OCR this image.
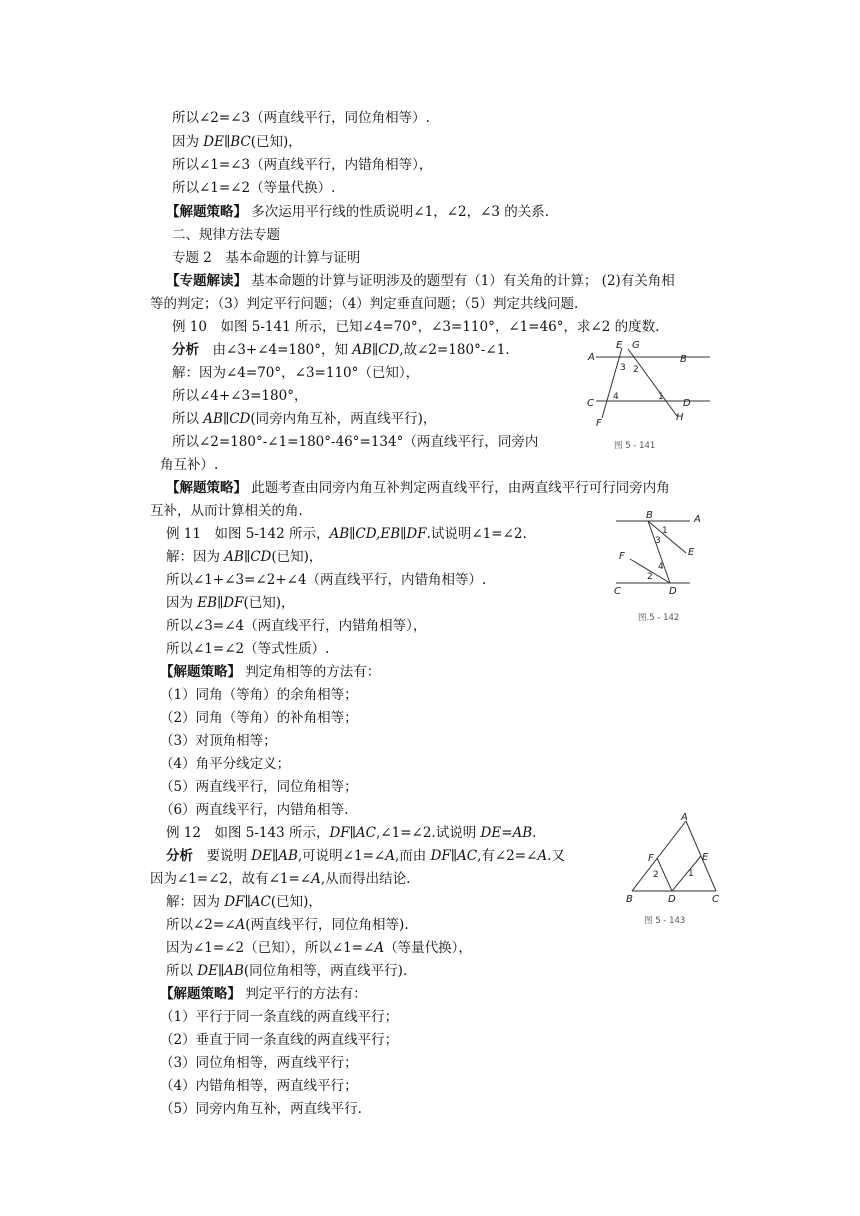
所以∠2=∠3（两直线平行，同位角相等）.
因为 DE∥BC(已知)，
所以∠1=∠3（两直线平行，内错角相等），
所以∠1=∠2（等量代换）.
【解题策略】 多次运用平行线的性质说明∠1，∠2，∠3 的关系.
二、规律方法专题
专题 2　基本命题的计算与证明
【专题解读】 基本命题的计算与证明涉及的题型有（1）有关角的计算； (2)有关角相
等的判定；（3）判定平行问题；（4）判定垂直问题；（5）判定共线问题.
例 10　如图 5-141 所示，已知∠4=70°，∠3=110°，∠1=46°，求∠2 的度数.
分析　由∠3+∠4=180°，知 AB∥CD,故∠2=180°-∠1.
解：因为∠4=70°，∠3=110°（已知），
所以∠4+∠3=180°，
所以 AB∥CD(同旁内角互补，两直线平行)，
所以∠2=180°-∠1=180°-46°=134°（两直线平行，同旁内
角互补）.
【解题策略】 此题考查由同旁内角互补判定两直线平行，由两直线平行可行同旁内角
互补，从而计算相关的角.
例 11　如图 5-142 所示，AB∥CD,EB∥DF.试说明∠1=∠2.
解：因为 AB∥CD(已知)，
所以∠1+∠3=∠2+∠4（两直线平行，内错角相等）.
因为 EB∥DF(已知)，
所以∠3=∠4（两直线平行，内错角相等），
所以∠1=∠2（等式性质）.
【解题策略】 判定角相等的方法有：
（1）同角（等角）的余角相等；
（2）同角（等角）的补角相等；
（3）对顶角相等；
（4）角平分线定义；
（5）两直线平行，同位角相等；
（6）两直线平行，内错角相等.
例 12　如图 5-143 所示，DF∥AC,∠1=∠2.试说明 DE=AB.
分析　要说明 DE∥AB,可说明∠1=∠A,而由 DF∥AC,有∠2=∠A.又
因为∠1=∠2，故有∠1=∠A,从而得出结论.
解：因为 DF∥AC(已知)，
所以∠2=∠A(两直线平行，同位角相等).
因为∠1=∠2（已知），所以∠1=∠A（等量代换），
所以 DE∥AB(同位角相等，两直线平行).
【解题策略】 判定平行的方法有：
（1）平行于同一条直线的两直线平行；
（2）垂直于同一条直线的两直线平行；
（3）同位角相等，两直线平行；
（4）内错角相等，两直线平行；
（5）同旁内角互补，两直线平行.
A	B
E G
C	D
F
H
3 2
4	1
图 5 - 141
B	A
E
F
C	D
1
3
4
2
图.5 - 142
A
F	E
B	D	C
2	1
图 5 - 143
